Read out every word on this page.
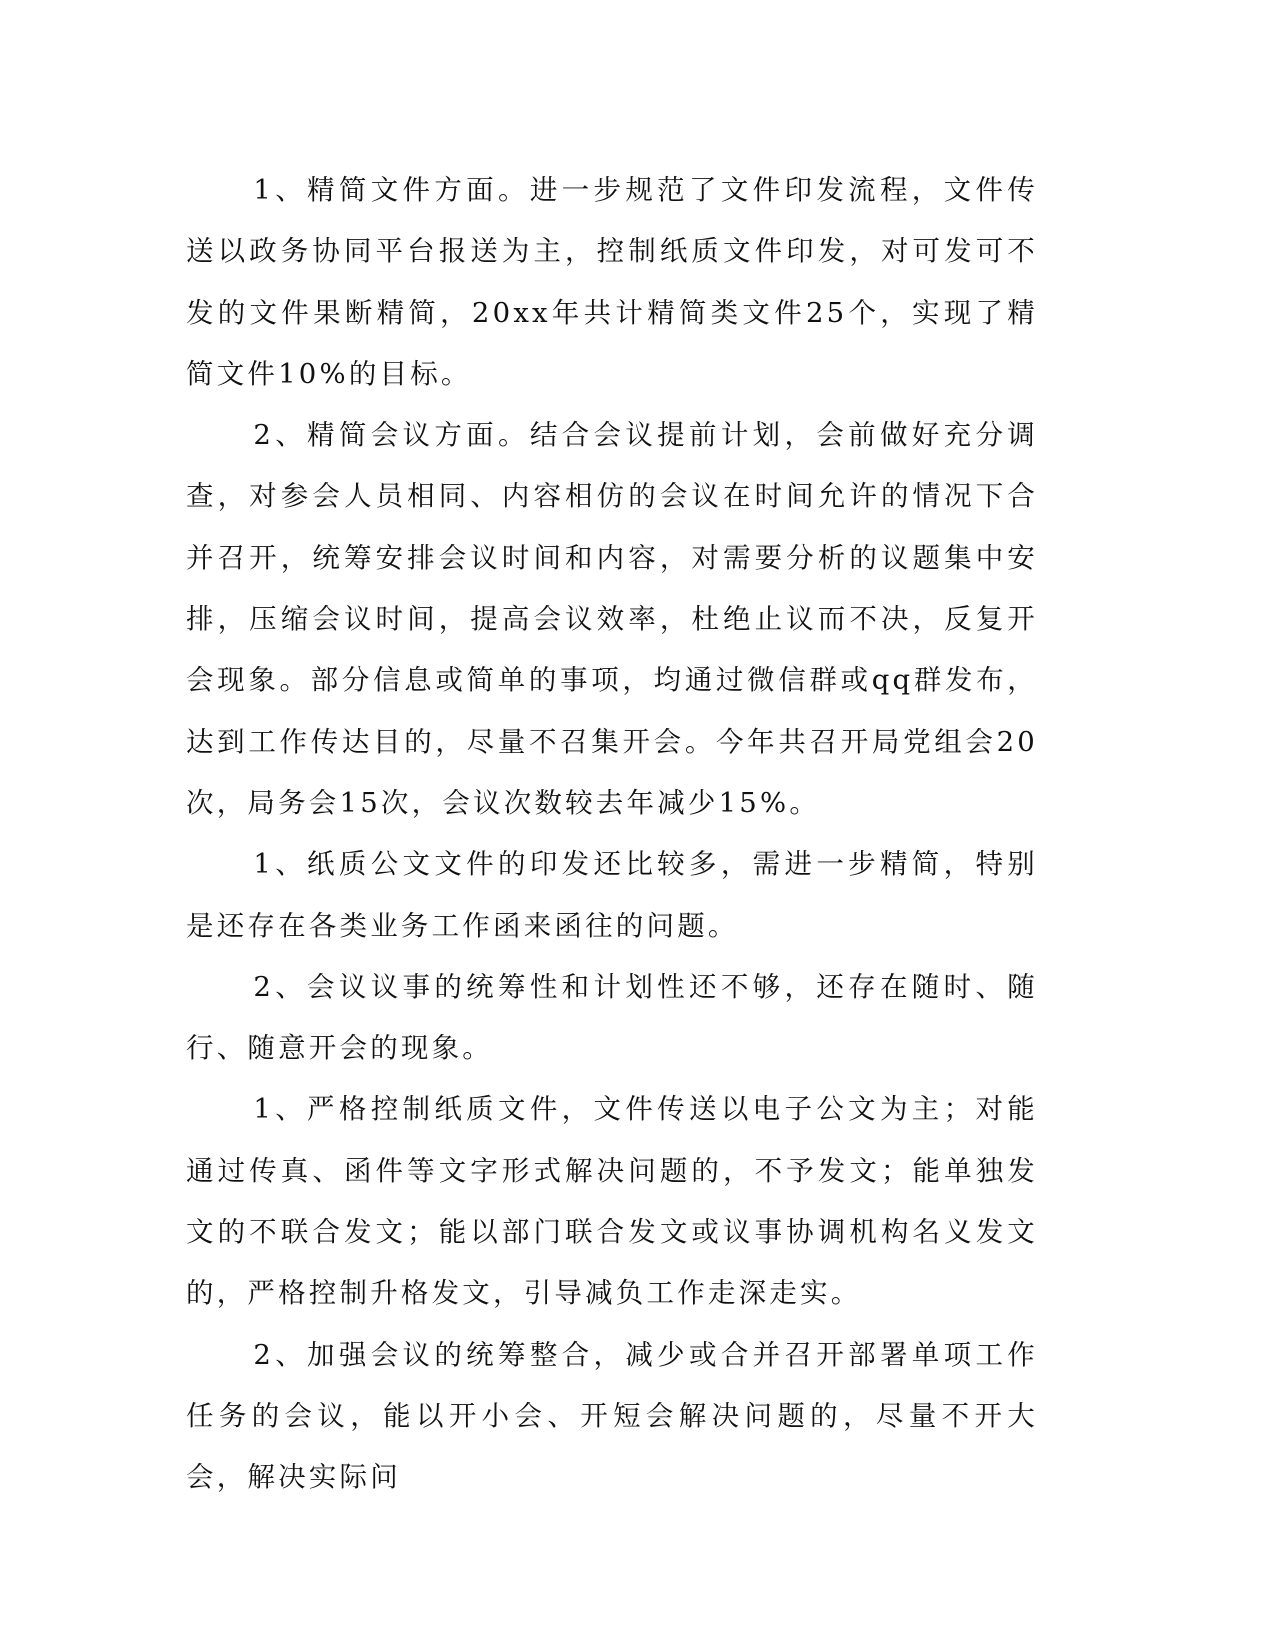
1、精简文件方面。进一步规范了文件印发流程，文件传送以政务协同平台报送为主，控制纸质文件印发，对可发可不发的文件果断精简，20xx年共计精简类文件25个，实现了精简文件10%的目标。

2、精简会议方面。结合会议提前计划，会前做好充分调查，对参会人员相同、内容相仿的会议在时间允许的情况下合并召开，统筹安排会议时间和内容，对需要分析的议题集中安排，压缩会议时间，提高会议效率，杜绝止议而不决，反复开会现象。部分信息或简单的事项，均通过微信群或qq群发布，达到工作传达目的，尽量不召集开会。今年共召开局党组会20次，局务会15次，会议次数较去年减少15%。

1、纸质公文文件的印发还比较多，需进一步精简，特别是还存在各类业务工作函来函往的问题。

2、会议议事的统筹性和计划性还不够，还存在随时、随行、随意开会的现象。

1、严格控制纸质文件，文件传送以电子公文为主；对能通过传真、函件等文字形式解决问题的，不予发文；能单独发文的不联合发文；能以部门联合发文或议事协调机构名义发文的，严格控制升格发文，引导减负工作走深走实。

2、加强会议的统筹整合，减少或合并召开部署单项工作任务的会议，能以开小会、开短会解决问题的，尽量不开大会，解决实际问
